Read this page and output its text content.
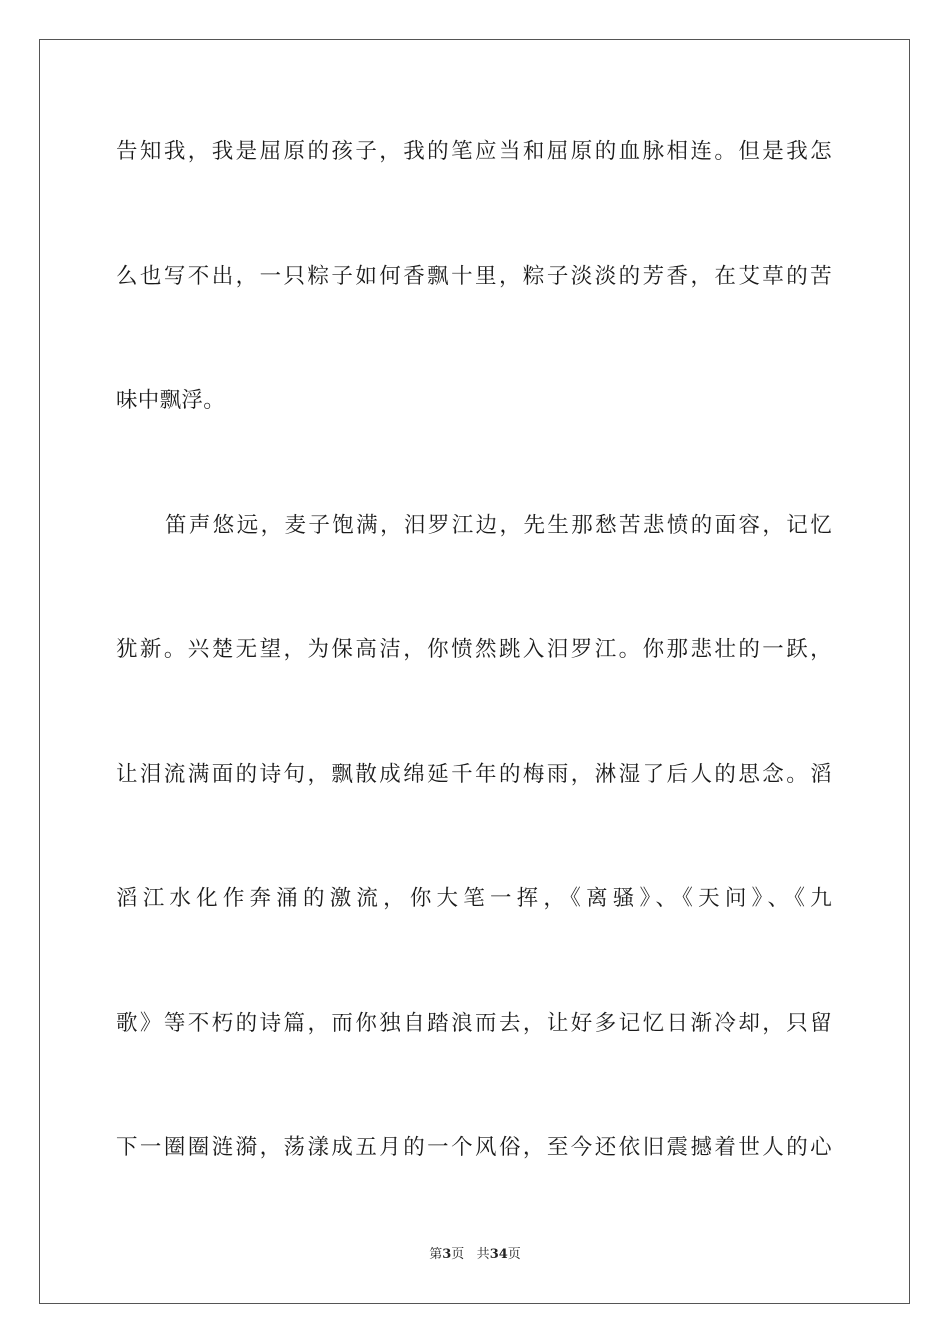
告知我，我是屈原的孩子，我的笔应当和屈原的血脉相连。但是我怎
么也写不出，一只粽子如何香飘十里，粽子淡淡的芳香，在艾草的苦
味中飘浮。
笛声悠远，麦子饱满，汨罗江边，先生那愁苦悲愤的面容，记忆
犹新。兴楚无望，为保高洁，你愤然跳入汨罗江。你那悲壮的一跃，
让泪流满面的诗句，飘散成绵延千年的梅雨，淋湿了后人的思念。滔
滔江水化作奔涌的激流，你大笔一挥，《离骚》、《天问》、《九
歌》等不朽的诗篇，而你独自踏浪而去，让好多记忆日渐冷却，只留
下一圈圈涟漪，荡漾成五月的一个风俗，至今还依旧震撼着世人的心
第3页 共34页
